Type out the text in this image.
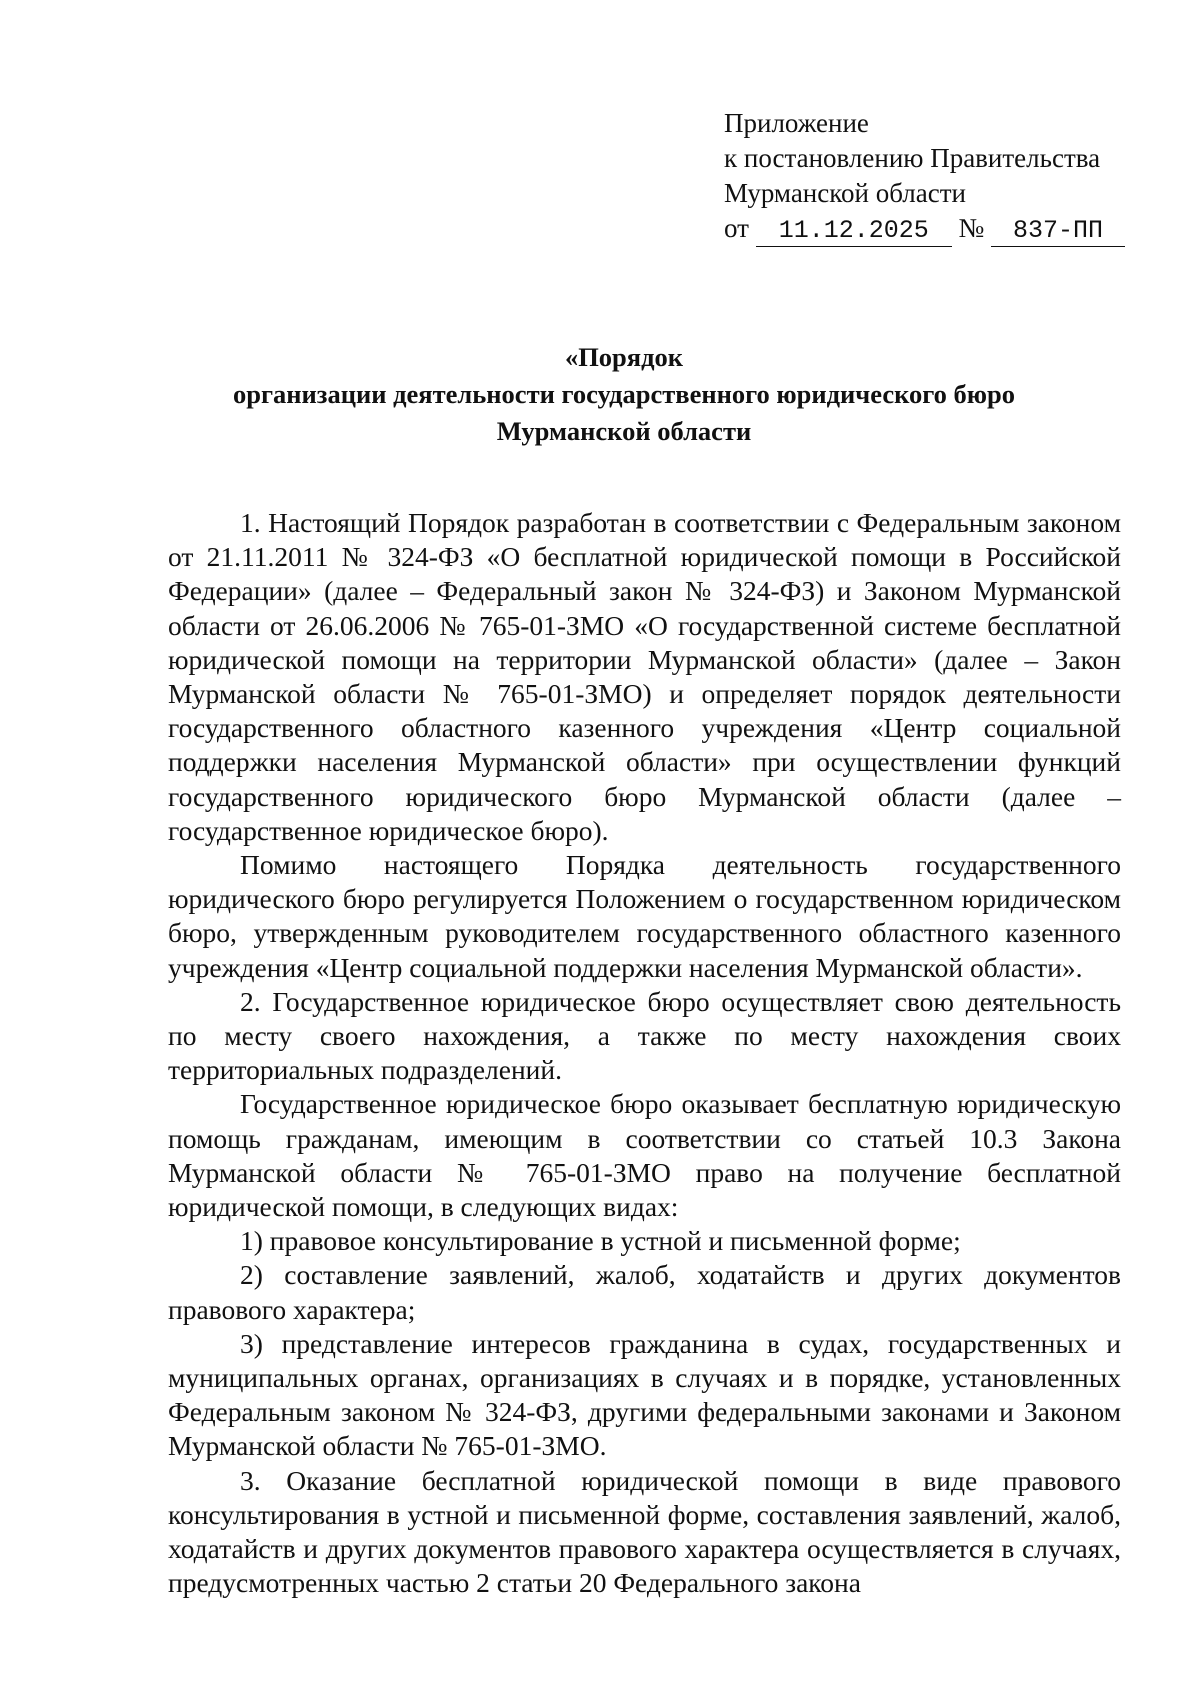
Приложение
к постановлению Правительства
Мурманской области
от 11.12.2025 № 837-ПП
«Порядок
организации деятельности государственного юридического бюро
Мурманской области

1. Настоящий Порядок разработан в соответствии с Федеральным законом от 21.11.2011 № 324-ФЗ «О бесплатной юридической помощи в Российской Федерации» (далее – Федеральный закон № 324-ФЗ) и Законом Мурманской области от 26.06.2006 № 765-01-ЗМО «О государственной системе бесплатной юридической помощи на территории Мурманской области» (далее – Закон Мурманской области № 765-01-ЗМО) и определяет порядок деятельности государственного областного казенного учреждения «Центр социальной поддержки населения Мурманской области» при осуществлении функций государственного юридического бюро Мурманской области (далее – государственное юридическое бюро).

Помимо настоящего Порядка деятельность государственного юридического бюро регулируется Положением о государственном юридическом бюро, утвержденным руководителем государственного областного казенного учреждения «Центр социальной поддержки населения Мурманской области».

2. Государственное юридическое бюро осуществляет свою деятельность по месту своего нахождения, а также по месту нахождения своих территориальных подразделений.

Государственное юридическое бюро оказывает бесплатную юридическую помощь гражданам, имеющим в соответствии со статьей 10.3 Закона Мурманской области № 765-01-ЗМО право на получение бесплатной юридической помощи, в следующих видах:

1) правовое консультирование в устной и письменной форме;

2) составление заявлений, жалоб, ходатайств и других документов правового характера;

3) представление интересов гражданина в судах, государственных и муниципальных органах, организациях в случаях и в порядке, установленных Федеральным законом № 324-ФЗ, другими федеральными законами и Законом Мурманской области № 765-01-ЗМО.

3. Оказание бесплатной юридической помощи в виде правового консультирования в устной и письменной форме, составления заявлений, жалоб, ходатайств и других документов правового характера осуществляется в случаях, предусмотренных частью 2 статьи 20 Федерального закона
